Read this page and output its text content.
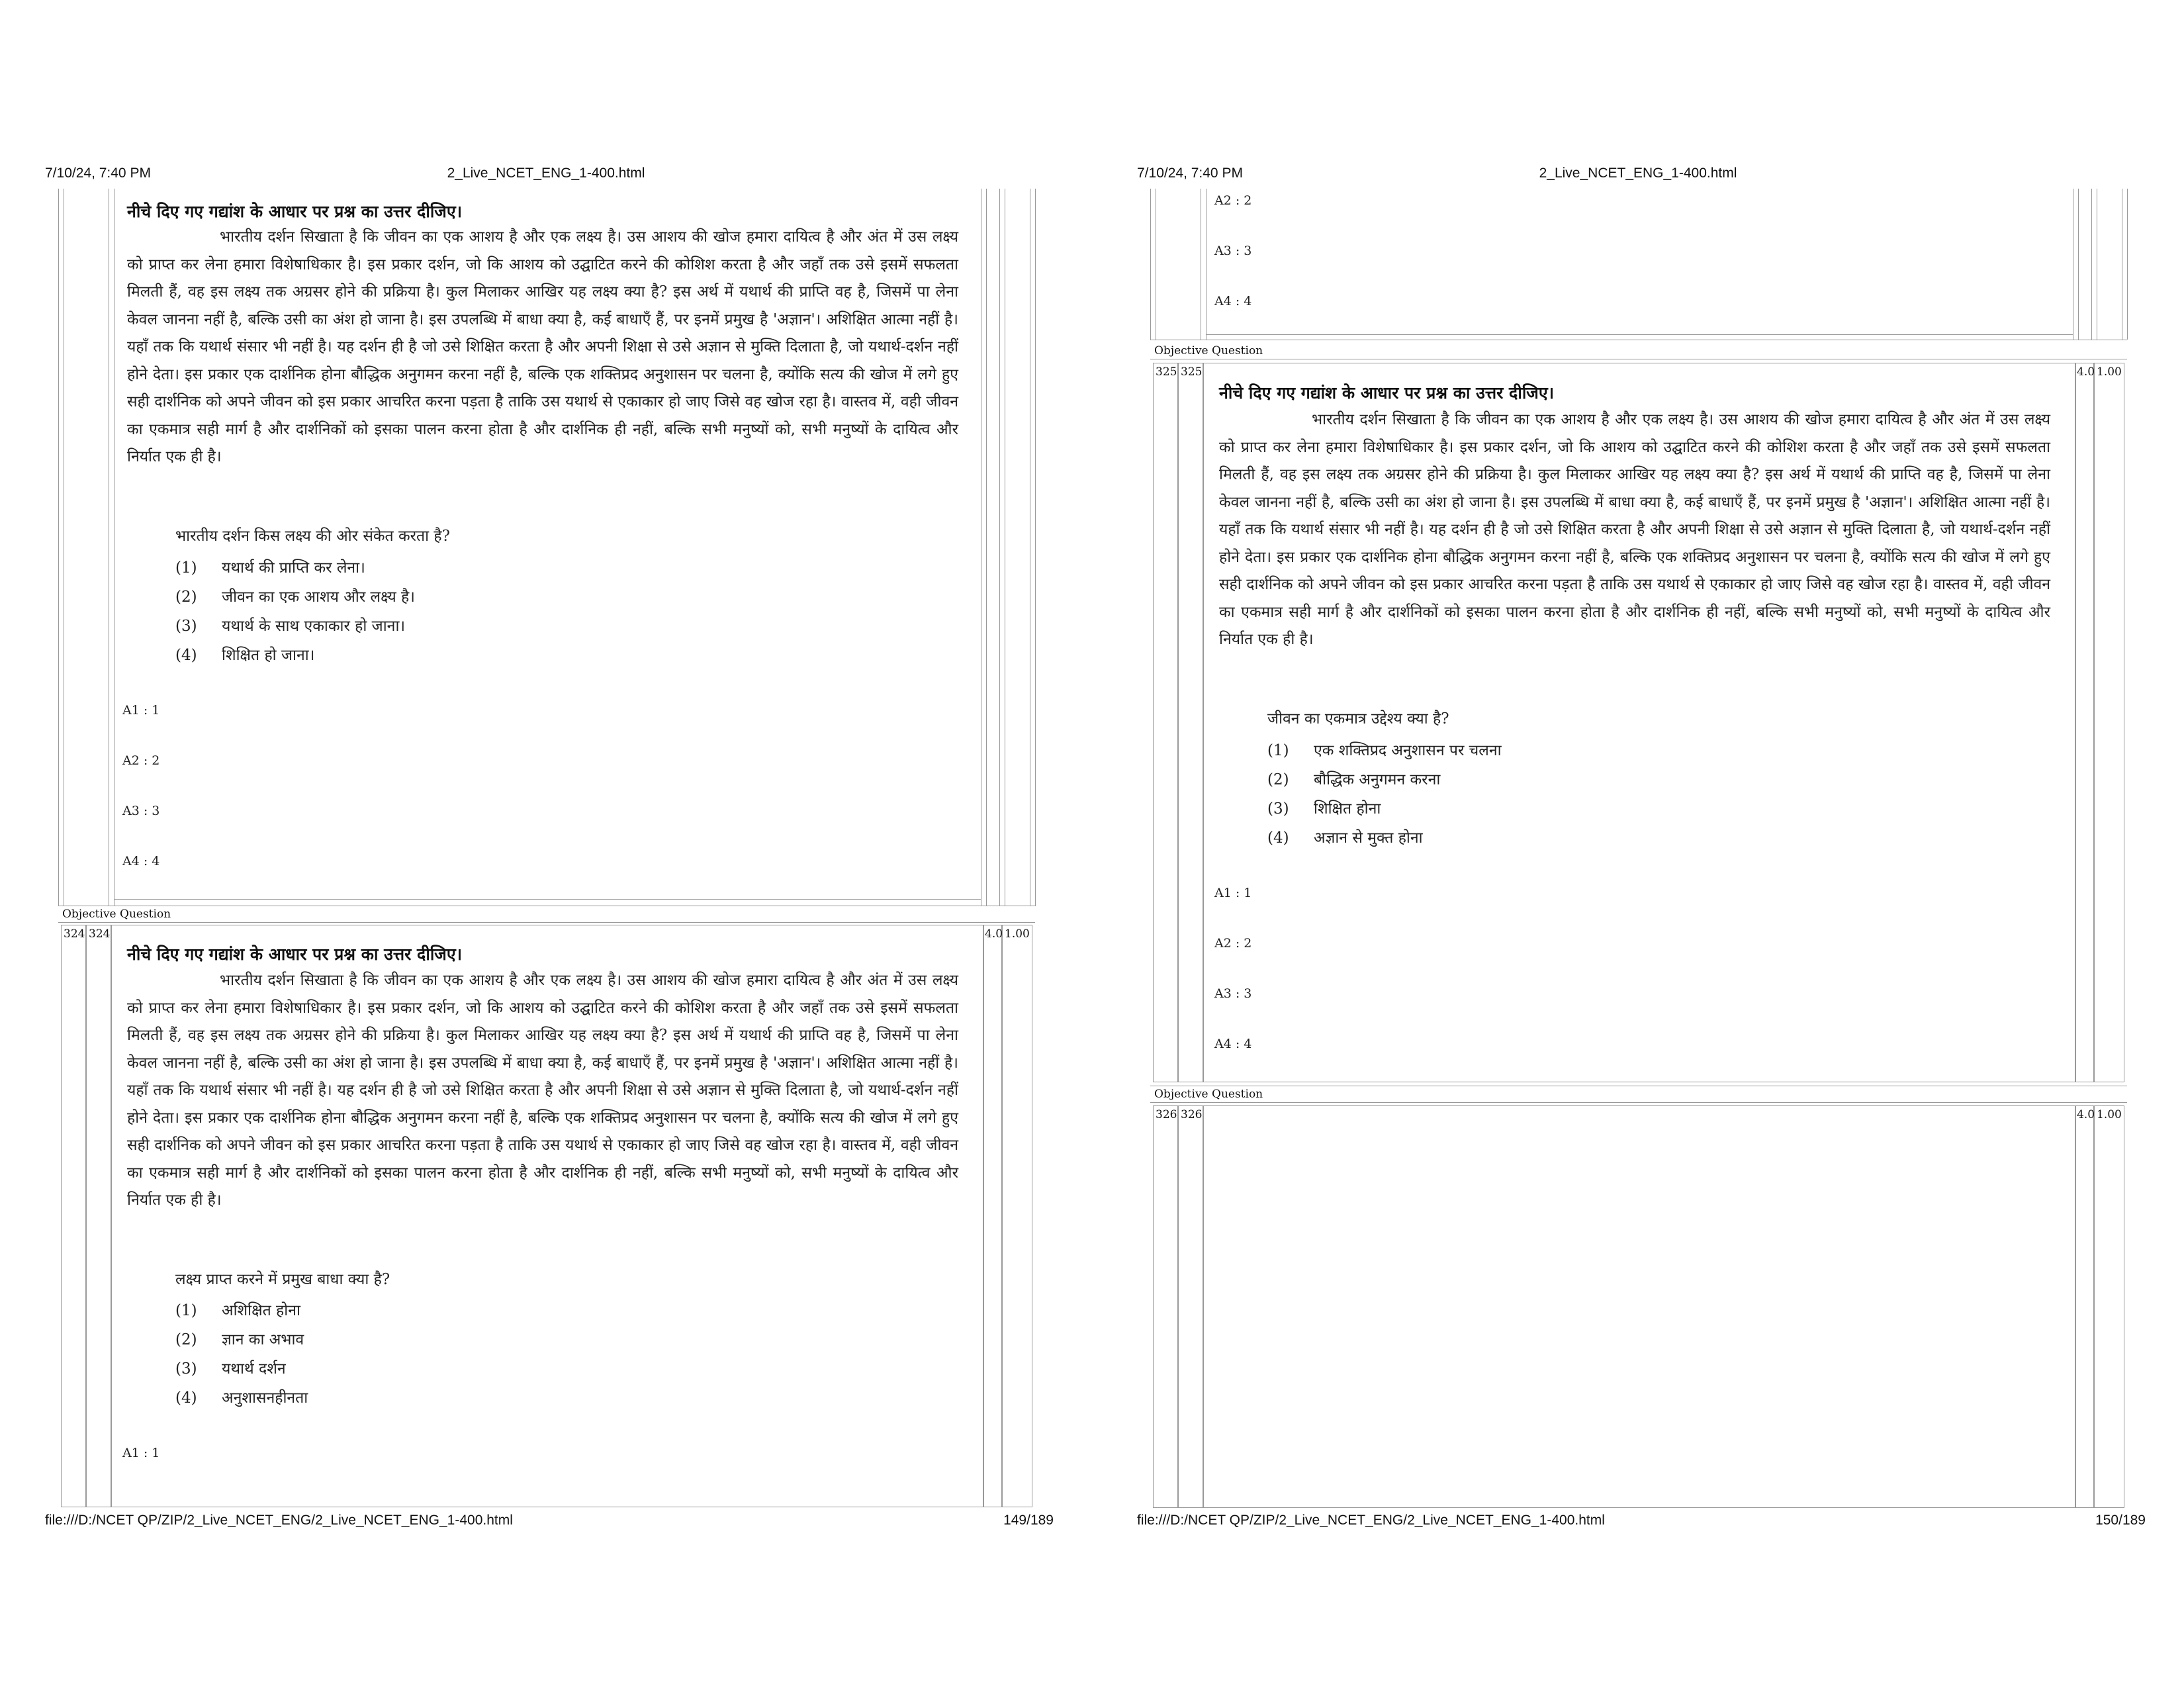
7/10/24, 7:40 PM	2_Live_NCET_ENG_1-400.html
नीचे दिए गए गद्यांश के आधार पर प्रश्न का उत्तर दीजिए।
भारतीय दर्शन सिखाता है कि जीवन का एक आशय है और एक लक्ष्य है। उस आशय की खोज हमारा दायित्व है और अंत में उस लक्ष्य को प्राप्त कर लेना हमारा विशेषाधिकार है। इस प्रकार दर्शन, जो कि आशय को उद्घाटित करने की कोशिश करता है और जहाँ तक उसे इसमें सफलता मिलती हैं, वह इस लक्ष्य तक अग्रसर होने की प्रक्रिया है। कुल मिलाकर आखिर यह लक्ष्य क्या है? इस अर्थ में यथार्थ की प्राप्ति वह है, जिसमें पा लेना केवल जानना नहीं है, बल्कि उसी का अंश हो जाना है। इस उपलब्धि में बाधा क्या है, कई बाधाएँ हैं, पर इनमें प्रमुख है 'अज्ञान'। अशिक्षित आत्मा नहीं है। यहाँ तक कि यथार्थ संसार भी नहीं है। यह दर्शन ही है जो उसे शिक्षित करता है और अपनी शिक्षा से उसे अज्ञान से मुक्ति दिलाता है, जो यथार्थ-दर्शन नहीं होने देता। इस प्रकार एक दार्शनिक होना बौद्धिक अनुगमन करना नहीं है, बल्कि एक शक्तिप्रद अनुशासन पर चलना है, क्योंकि सत्य की खोज में लगे हुए सही दार्शनिक को अपने जीवन को इस प्रकार आचरित करना पड़ता है ताकि उस यथार्थ से एकाकार हो जाए जिसे वह खोज रहा है। वास्तव में, वही जीवन का एकमात्र सही मार्ग है और दार्शनिकों को इसका पालन करना होता है और दार्शनिक ही नहीं, बल्कि सभी मनुष्यों को, सभी मनुष्यों के दायित्व और निर्यात एक ही है।
भारतीय दर्शन किस लक्ष्य की ओर संकेत करता है?
(1) यथार्थ की प्राप्ति कर लेना।
(2) जीवन का एक आशय और लक्ष्य है।
(3) यथार्थ के साथ एकाकार हो जाना।
(4) शिक्षित हो जाना।
A1 : 1
A2 : 2
A3 : 3
A4 : 4
Objective Question
324 324	4.0 1.00
नीचे दिए गए गद्यांश के आधार पर प्रश्न का उत्तर दीजिए।
भारतीय दर्शन सिखाता है कि जीवन का एक आशय है और एक लक्ष्य है। उस आशय की खोज हमारा दायित्व है और अंत में उस लक्ष्य को प्राप्त कर लेना हमारा विशेषाधिकार है। इस प्रकार दर्शन, जो कि आशय को उद्घाटित करने की कोशिश करता है और जहाँ तक उसे इसमें सफलता मिलती हैं, वह इस लक्ष्य तक अग्रसर होने की प्रक्रिया है। कुल मिलाकर आखिर यह लक्ष्य क्या है? इस अर्थ में यथार्थ की प्राप्ति वह है, जिसमें पा लेना केवल जानना नहीं है, बल्कि उसी का अंश हो जाना है। इस उपलब्धि में बाधा क्या है, कई बाधाएँ हैं, पर इनमें प्रमुख है 'अज्ञान'। अशिक्षित आत्मा नहीं है। यहाँ तक कि यथार्थ संसार भी नहीं है। यह दर्शन ही है जो उसे शिक्षित करता है और अपनी शिक्षा से उसे अज्ञान से मुक्ति दिलाता है, जो यथार्थ-दर्शन नहीं होने देता। इस प्रकार एक दार्शनिक होना बौद्धिक अनुगमन करना नहीं है, बल्कि एक शक्तिप्रद अनुशासन पर चलना है, क्योंकि सत्य की खोज में लगे हुए सही दार्शनिक को अपने जीवन को इस प्रकार आचरित करना पड़ता है ताकि उस यथार्थ से एकाकार हो जाए जिसे वह खोज रहा है। वास्तव में, वही जीवन का एकमात्र सही मार्ग है और दार्शनिकों को इसका पालन करना होता है और दार्शनिक ही नहीं, बल्कि सभी मनुष्यों को, सभी मनुष्यों के दायित्व और निर्यात एक ही है।
लक्ष्य प्राप्त करने में प्रमुख बाधा क्या है?
(1) अशिक्षित होना
(2) ज्ञान का अभाव
(3) यथार्थ दर्शन
(4) अनुशासनहीनता
A1 : 1
file:///D:/NCET QP/ZIP/2_Live_NCET_ENG/2_Live_NCET_ENG_1-400.html	149/189
7/10/24, 7:40 PM	2_Live_NCET_ENG_1-400.html
A2 : 2
A3 : 3
A4 : 4
Objective Question
325 325	4.0 1.00
नीचे दिए गए गद्यांश के आधार पर प्रश्न का उत्तर दीजिए।
भारतीय दर्शन सिखाता है कि जीवन का एक आशय है और एक लक्ष्य है। उस आशय की खोज हमारा दायित्व है और अंत में उस लक्ष्य को प्राप्त कर लेना हमारा विशेषाधिकार है। इस प्रकार दर्शन, जो कि आशय को उद्घाटित करने की कोशिश करता है और जहाँ तक उसे इसमें सफलता मिलती हैं, वह इस लक्ष्य तक अग्रसर होने की प्रक्रिया है। कुल मिलाकर आखिर यह लक्ष्य क्या है? इस अर्थ में यथार्थ की प्राप्ति वह है, जिसमें पा लेना केवल जानना नहीं है, बल्कि उसी का अंश हो जाना है। इस उपलब्धि में बाधा क्या है, कई बाधाएँ हैं, पर इनमें प्रमुख है 'अज्ञान'। अशिक्षित आत्मा नहीं है। यहाँ तक कि यथार्थ संसार भी नहीं है। यह दर्शन ही है जो उसे शिक्षित करता है और अपनी शिक्षा से उसे अज्ञान से मुक्ति दिलाता है, जो यथार्थ-दर्शन नहीं होने देता। इस प्रकार एक दार्शनिक होना बौद्धिक अनुगमन करना नहीं है, बल्कि एक शक्तिप्रद अनुशासन पर चलना है, क्योंकि सत्य की खोज में लगे हुए सही दार्शनिक को अपने जीवन को इस प्रकार आचरित करना पड़ता है ताकि उस यथार्थ से एकाकार हो जाए जिसे वह खोज रहा है। वास्तव में, वही जीवन का एकमात्र सही मार्ग है और दार्शनिकों को इसका पालन करना होता है और दार्शनिक ही नहीं, बल्कि सभी मनुष्यों को, सभी मनुष्यों के दायित्व और निर्यात एक ही है।
जीवन का एकमात्र उद्देश्य क्या है?
(1) एक शक्तिप्रद अनुशासन पर चलना
(2) बौद्धिक अनुगमन करना
(3) शिक्षित होना
(4) अज्ञान से मुक्त होना
A1 : 1
A2 : 2
A3 : 3
A4 : 4
Objective Question
326 326	4.0 1.00
file:///D:/NCET QP/ZIP/2_Live_NCET_ENG/2_Live_NCET_ENG_1-400.html	150/189
